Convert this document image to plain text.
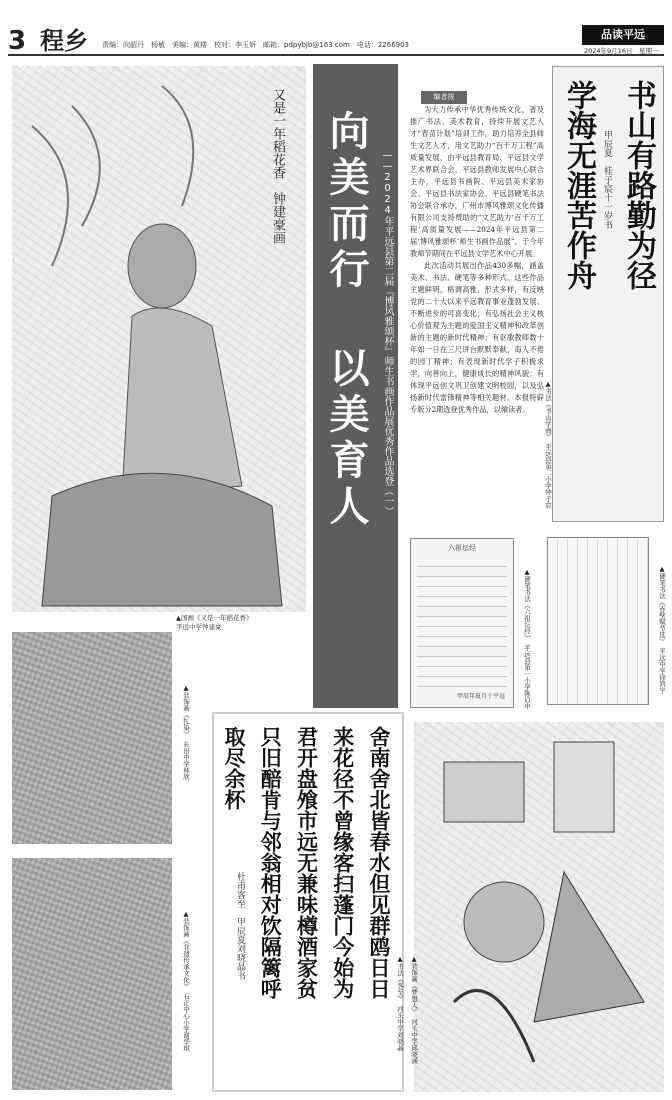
3 程乡	责编：向韶丹　杨敏　美编：黄楼　校对：李玉妍　邮箱：pdpybjb@163.com　电话：2266903
品读平远
2024年9月16日　星期一
又是一年稻花香　钟建豪画
▲国画《又是一年稻花香》
平远中学钟建豪
向美而行 以美育人	——2024年平远县第二届『博风雅颂杯』师生书画作品展优秀作品选登（一）
编者按

为大力传承中华优秀传统文化，普及推广书法、美术教育，持续开展文艺人才“春苗计划”培训工作，助力培养全县师生文艺人才，用文艺助力“百千万工程”高质量发展，由平远县教育局、平远县文学艺术界联合会、平远县教师发展中心联合主办，平远县书画院、平远县美术家协会、平远县书法家协会、平远县硬笔书法协会联合承办，广州市博风雅颂文化传播有限公司支持赞助的“文艺助力‘百千万工程’高质量发展——2024年平远县第二届‘博风雅颂杯’师生书画作品展”，于今年教师节期间在平远县文学艺术中心开展。

此次活动共展出作品430多幅，涵盖美术、书法、硬笔等多种形式。这些作品主题鲜明，格调高雅，形式多样，有反映党的二十大以来平远教育事业蓬勃发展、不断进步的可喜变化；有弘扬社会主义核心价值观为主题的爱国主义精神和改革创新的主题的新时代精神；有讴歌教师数十年如一日在三尺讲台默默奉献，诲人不倦的园丁精神；有表现新时代学子积极求学，向善向上，健康成长的精神风貌；有体现平远创文巩卫创建文明校园，以及弘扬新时代雷锋精神等相关题材。本报特辟专版分2期选登优秀作品，以飨读者。

书山有路勤为径
学海无涯苦作舟 甲辰夏　桂子宸十一岁书
▲书法《书山学海》　平远县第二小学钟子宸
六祖坛经
甲辰年夏月于平远	▲硬笔书法《六祖坛经》　平远县第一小学陈启中	▲硬笔书法《赤壁赋节选》　平远中学徐鸿宇
▲装饰画《扎染》　长田中学林欣
▲装饰画《非遗传承文化》　石正中心小学谢华琪	舍南舍北皆春水但见群鸥日日
来花径不曾缘客扫蓬门今始为
君开盘飧市远无兼味樽酒家贫
只旧醅肯与邻翁相对饮隔篱呼
取尽余杯
杜甫客至　甲辰夏刘晓晶书
▲书法《客至》　河头中学刘晓晶 ▲装饰画《梦想人》　河头中学邱晓涵
